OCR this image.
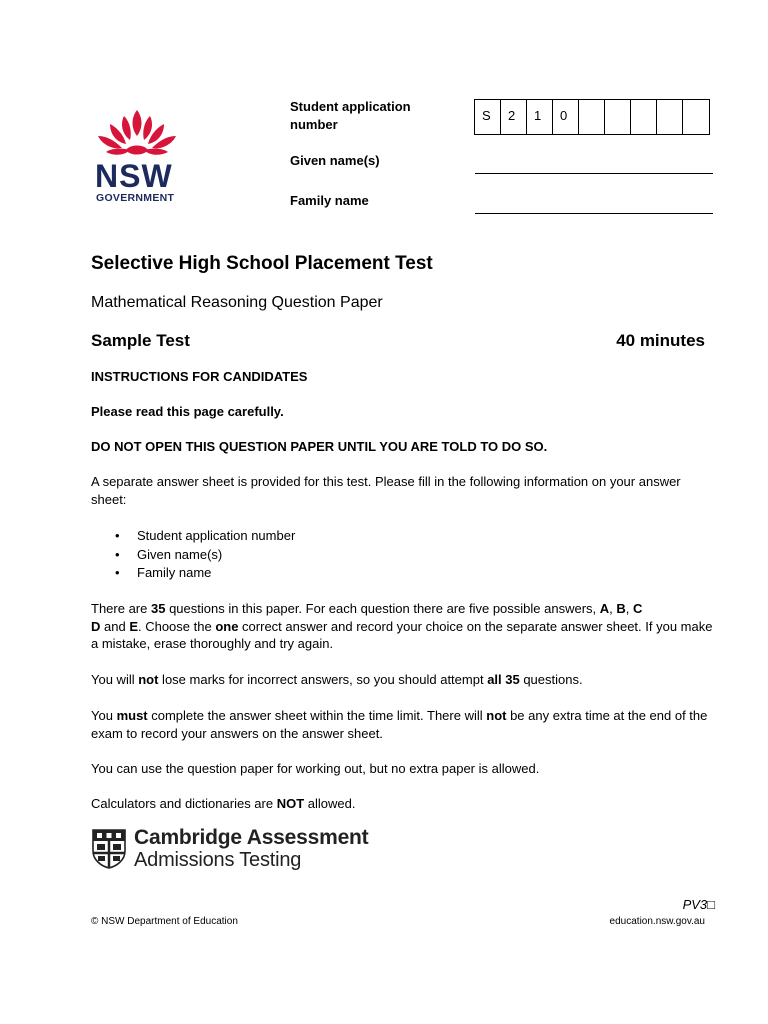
NSW
GOVERNMENT
Student application number
S	2	1	0
Given name(s)
Family name
Selective High School Placement Test
Mathematical Reasoning Question Paper
Sample Test	40 minutes
INSTRUCTIONS FOR CANDIDATES
Please read this page carefully.
DO NOT OPEN THIS QUESTION PAPER UNTIL YOU ARE TOLD TO DO SO.
A separate answer sheet is provided for this test. Please fill in the following information on your answer sheet:
• Student application number
• Given name(s)
• Family name
There are 35 questions in this paper. For each question there are five possible answers, A, B, C
D and E. Choose the one correct answer and record your choice on the separate answer sheet. If you make a mistake, erase thoroughly and try again.
You will not lose marks for incorrect answers, so you should attempt all 35 questions.
You must complete the answer sheet within the time limit. There will not be any extra time at the end of the exam to record your answers on the answer sheet.
You can use the question paper for working out, but no extra paper is allowed.
Calculators and dictionaries are NOT allowed.
Cambridge Assessment
Admissions Testing
PV3□
© NSW Department of Education	education.nsw.gov.au
